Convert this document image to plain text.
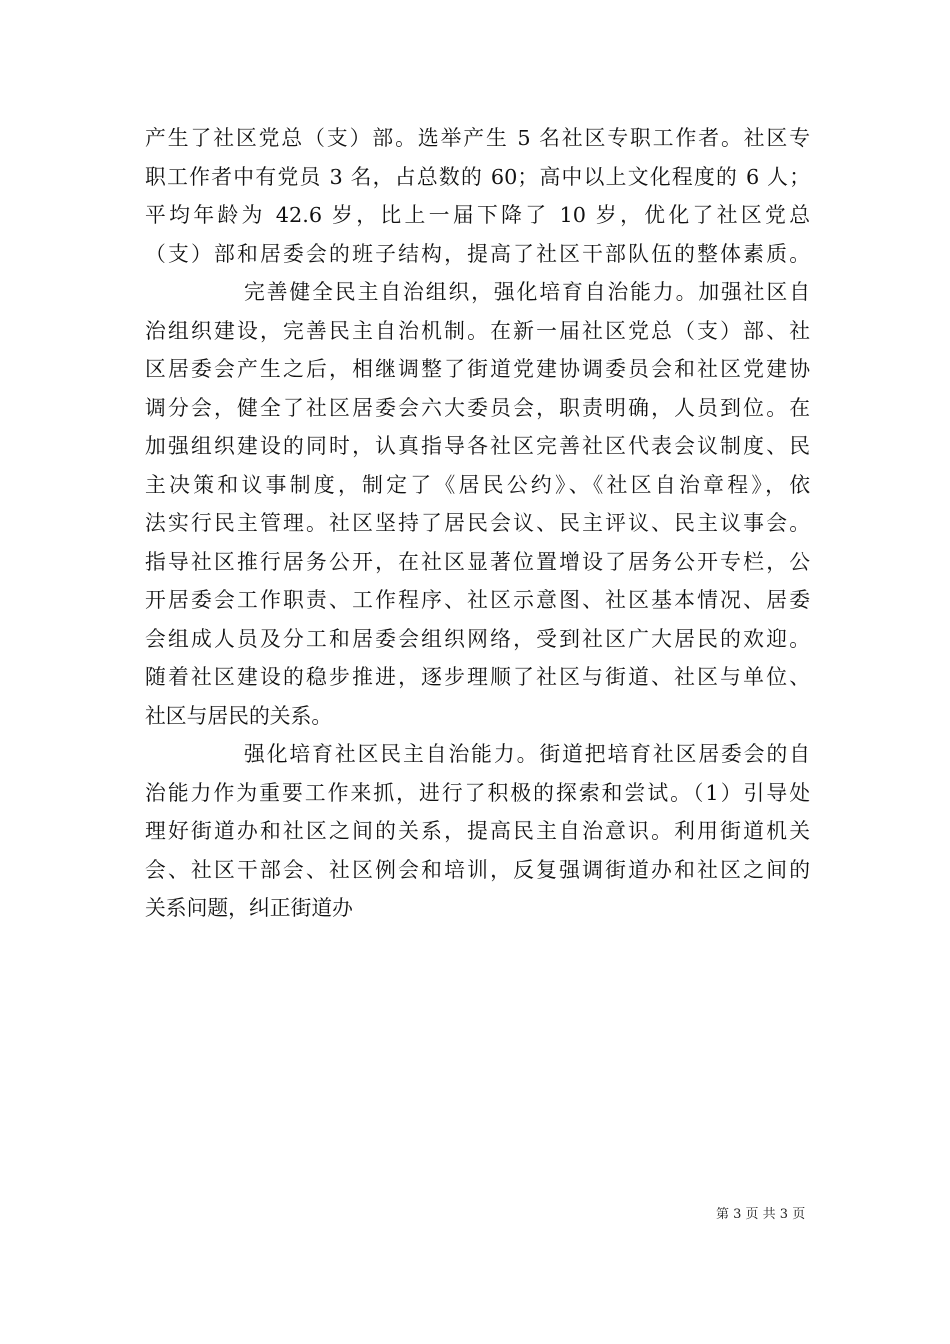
产生了社区党总（支）部。选举产生 5 名社区专职工作者。社区专
职工作者中有党员 3 名，占总数的 60；高中以上文化程度的 6 人；
平均年龄为 42.6 岁，比上一届下降了 10 岁，优化了社区党总
（支）部和居委会的班子结构，提高了社区干部队伍的整体素质。
完善健全民主自治组织，强化培育自治能力。加强社区自
治组织建设，完善民主自治机制。在新一届社区党总（支）部、社
区居委会产生之后，相继调整了街道党建协调委员会和社区党建协
调分会，健全了社区居委会六大委员会，职责明确，人员到位。在
加强组织建设的同时，认真指导各社区完善社区代表会议制度、民
主决策和议事制度，制定了《居民公约》、《社区自治章程》，依
法实行民主管理。社区坚持了居民会议、民主评议、民主议事会。
指导社区推行居务公开，在社区显著位置增设了居务公开专栏，公
开居委会工作职责、工作程序、社区示意图、社区基本情况、居委
会组成人员及分工和居委会组织网络，受到社区广大居民的欢迎。
随着社区建设的稳步推进，逐步理顺了社区与街道、社区与单位、
社区与居民的关系。
强化培育社区民主自治能力。街道把培育社区居委会的自
治能力作为重要工作来抓，进行了积极的探索和尝试。（1）引导处
理好街道办和社区之间的关系，提高民主自治意识。利用街道机关
会、社区干部会、社区例会和培训，反复强调街道办和社区之间的
关系问题，纠正街道办
第 3 页 共 3 页
